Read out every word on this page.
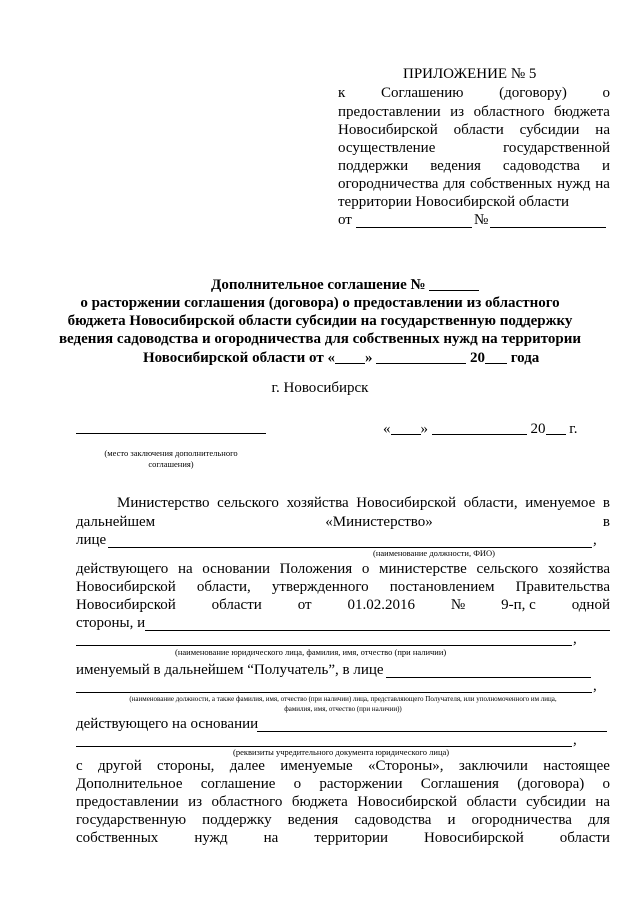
ПРИЛОЖЕНИЕ № 5
к Соглашению (договору) о
предоставлении из областного бюджета
Новосибирской области субсидии на
осуществление	государственной
поддержки ведения садоводства и
огородничества для собственных нужд на
территории Новосибирской области
от	№
Дополнительное соглашение №
о расторжении соглашения (договора) о предоставлении из областного
бюджета Новосибирской области субсидии на государственную поддержку
ведения садоводства и огородничества для собственных нужд на территории
Новосибирской области от « »	20 года
г. Новосибирск
(место заключения дополнительного
соглашения)
« »	20 г.
Министерство сельского хозяйства Новосибирской области, именуемое в
дальнейшем	«Министерство»	в
лице	,
(наименование должности, ФИО)
действующего на основании Положения о министерстве сельского хозяйства
Новосибирской области, утвержденного постановлением Правительства
Новосибирской области от 01.02.2016 № 9-п, с одной
стороны, и
,
(наименование юридического лица, фамилия, имя, отчество (при наличии)
именуемый в дальнейшем “Получатель”, в лице
,
(наименование должности, а также фамилия, имя, отчество (при наличии) лица, представляющего Получателя, или уполномоченного им лица,
фамилия, имя, отчество (при наличии))
действующего на основании
,
(реквизиты учредительного документа юридического лица)
с другой стороны, далее именуемые «Стороны», заключили настоящее
Дополнительное соглашение о расторжении Соглашения (договора) о
предоставлении из областного бюджета Новосибирской области субсидии на
государственную поддержку ведения садоводства и огородничества для
собственных нужд на территории Новосибирской области
